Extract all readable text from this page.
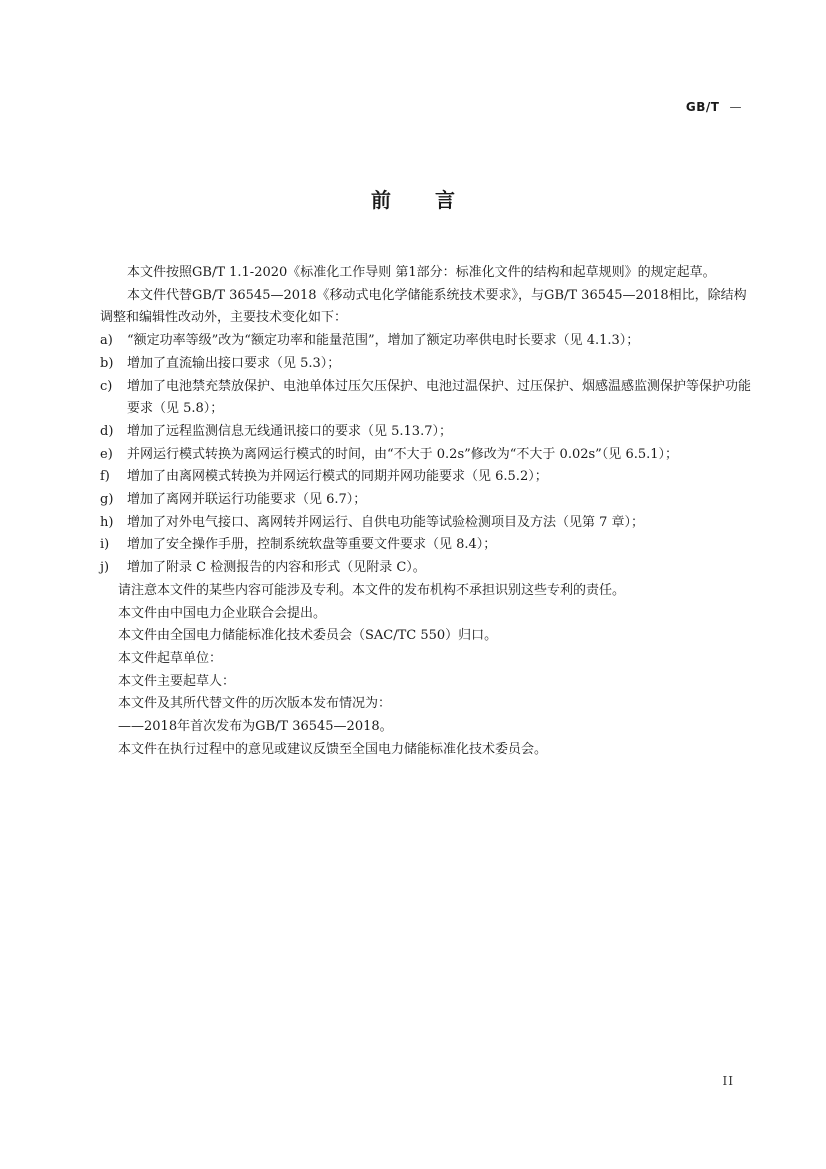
GB/T —
前言

本文件按照GB/T 1.1-2020《标准化工作导则 第1部分：标准化文件的结构和起草规则》的规定起草。

本文件代替GB/T 36545—2018《移动式电化学储能系统技术要求》，与GB/T 36545—2018相比，除结构调整和编辑性改动外，主要技术变化如下：

a)	“额定功率等级”改为“额定功率和能量范围”，增加了额定功率供电时长要求（见 4.1.3）；
b)	增加了直流输出接口要求（见 5.3）；
c)	增加了电池禁充禁放保护、电池单体过压欠压保护、电池过温保护、过压保护、烟感温感监测保护等保护功能要求（见 5.8）；
d)	增加了远程监测信息无线通讯接口的要求（见 5.13.7）；
e)	并网运行模式转换为离网运行模式的时间，由“不大于 0.2s”修改为“不大于 0.02s”（见 6.5.1）；
f)	增加了由离网模式转换为并网运行模式的同期并网功能要求（见 6.5.2）；
g)	增加了离网并联运行功能要求（见 6.7）；
h)	增加了对外电气接口、离网转并网运行、自供电功能等试验检测项目及方法（见第 7 章）；
i)	增加了安全操作手册，控制系统软盘等重要文件要求（见 8.4）；
j)	增加了附录 C 检测报告的内容和形式（见附录 C）。

请注意本文件的某些内容可能涉及专利。本文件的发布机构不承担识别这些专利的责任。

本文件由中国电力企业联合会提出。

本文件由全国电力储能标准化技术委员会（SAC/TC 550）归口。

本文件起草单位：

本文件主要起草人：

本文件及其所代替文件的历次版本发布情况为：

——2018年首次发布为GB/T 36545—2018。

本文件在执行过程中的意见或建议反馈至全国电力储能标准化技术委员会。

II
